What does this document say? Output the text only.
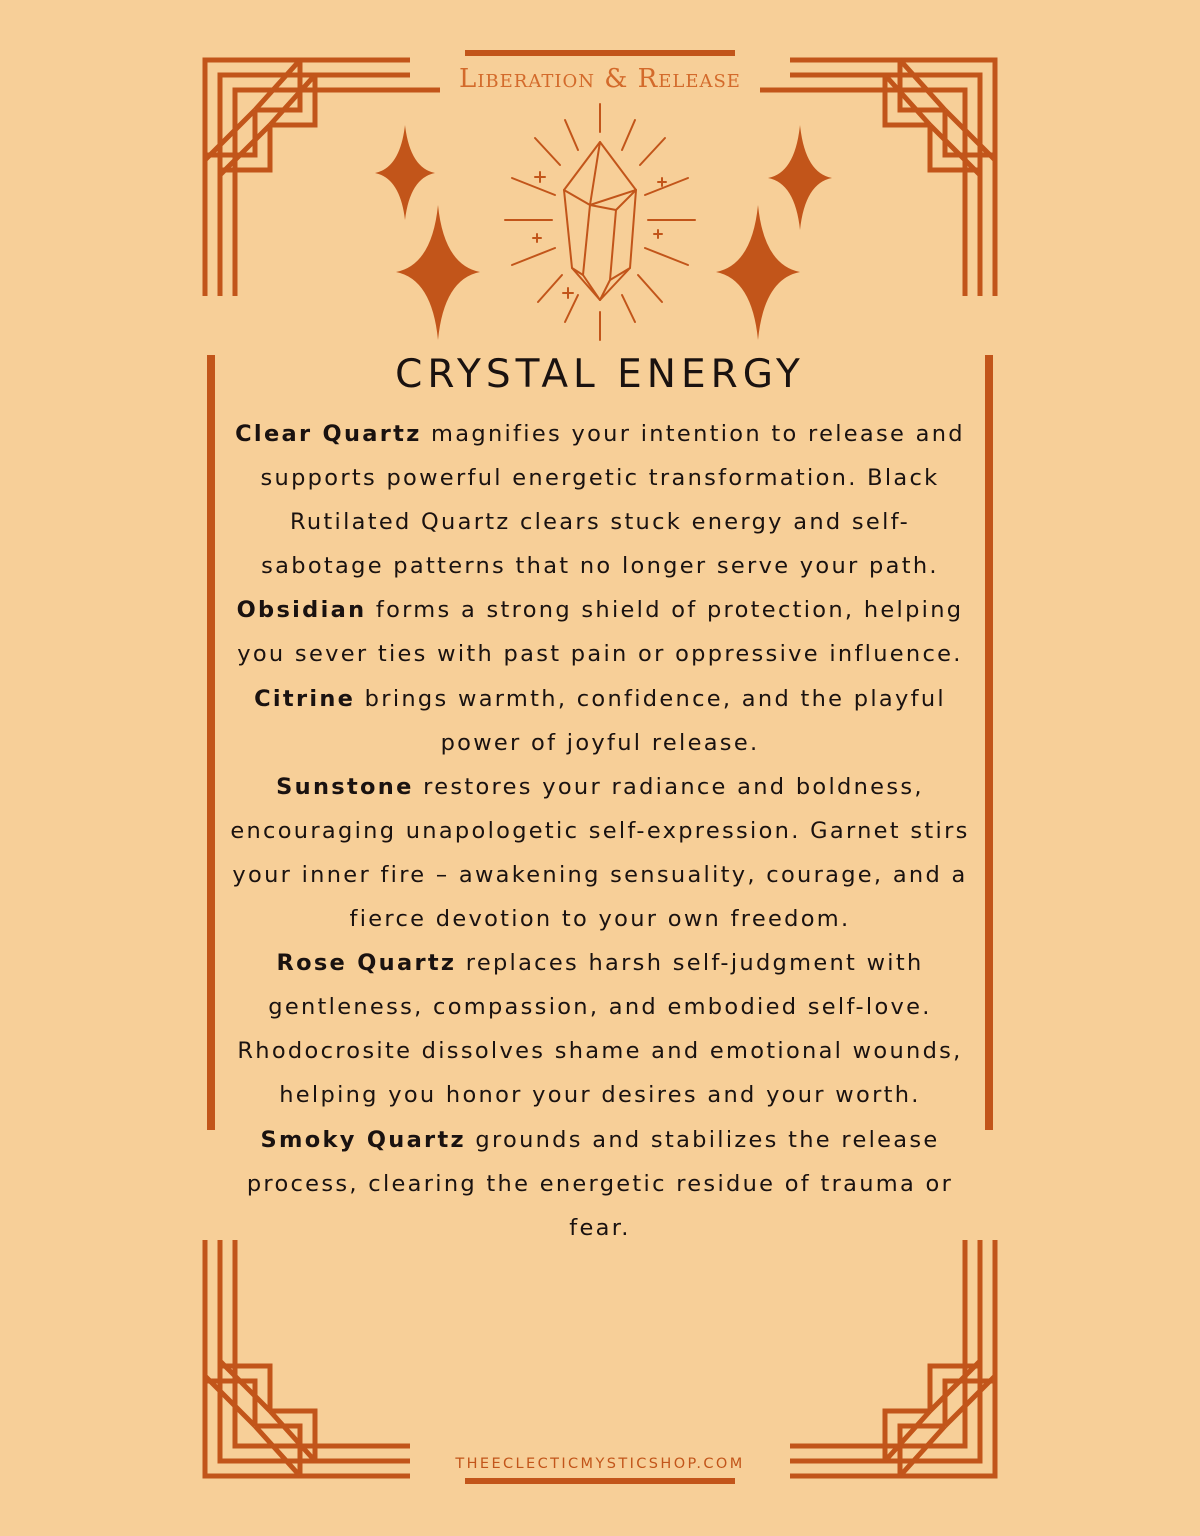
Liberation & Release
CRYSTAL ENERGY

Clear Quartz magnifies your intention to release and supports powerful energetic transformation. Black Rutilated Quartz clears stuck energy and self-sabotage patterns that no longer serve your path.

Obsidian forms a strong shield of protection, helping you sever ties with past pain or oppressive influence.

Citrine brings warmth, confidence, and the playful power of joyful release.

Sunstone restores your radiance and boldness, encouraging unapologetic self-expression. Garnet stirs your inner fire – awakening sensuality, courage, and a fierce devotion to your own freedom.

Rose Quartz replaces harsh self-judgment with gentleness, compassion, and embodied self-love. Rhodocrosite dissolves shame and emotional wounds, helping you honor your desires and your worth.

Smoky Quartz grounds and stabilizes the release process, clearing the energetic residue of trauma or fear.

THEECLECTICMYSTICSHOP.COM
